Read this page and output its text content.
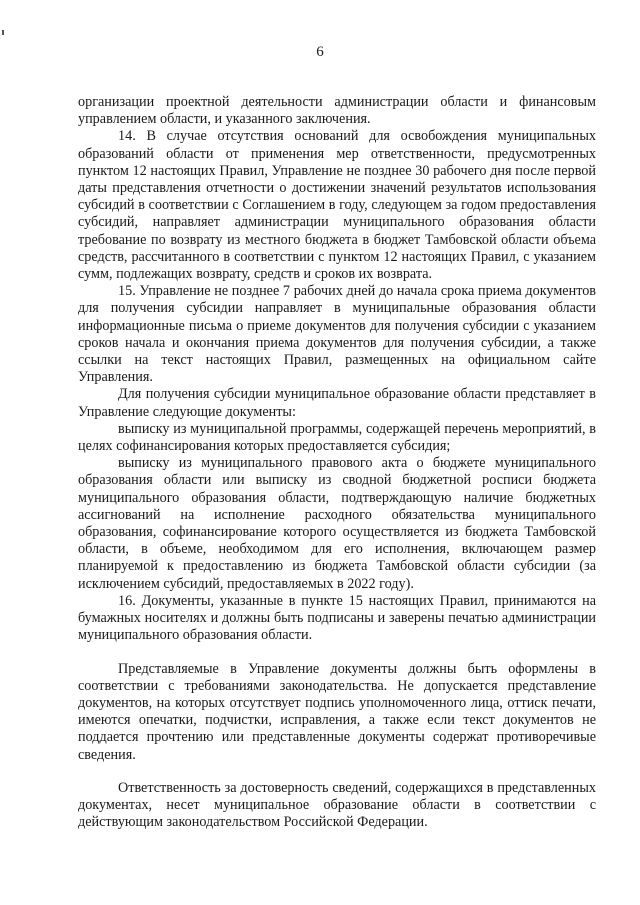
6

организации проектной деятельности администрации области и финансовым управлением области, и указанного заключения.

14. В случае отсутствия оснований для освобождения муниципальных образований области от применения мер ответственности, предусмотренных пунктом 12 настоящих Правил, Управление не позднее 30 рабочего дня после первой даты представления отчетности о достижении значений результатов использования субсидий в соответствии с Соглашением в году, следующем за годом предоставления субсидий, направляет администрации муниципального образования области требование по возврату из местного бюджета в бюджет Тамбовской области объема средств, рассчитанного в соответствии с пунктом 12 настоящих Правил, с указанием сумм, подлежащих возврату, средств и сроков их возврата.

15. Управление не позднее 7 рабочих дней до начала срока приема документов для получения субсидии направляет в муниципальные образования области информационные письма о приеме документов для получения субсидии с указанием сроков начала и окончания приема документов для получения субсидии, а также ссылки на текст настоящих Правил, размещенных на официальном сайте Управления.

Для получения субсидии муниципальное образование области представляет в Управление следующие документы:

выписку из муниципальной программы, содержащей перечень мероприятий, в целях софинансирования которых предоставляется субсидия;

выписку из муниципального правового акта о бюджете муниципального образования области или выписку из сводной бюджетной росписи бюджета муниципального образования области, подтверждающую наличие бюджетных ассигнований на исполнение расходного обязательства муниципального образования, софинансирование которого осуществляется из бюджета Тамбовской области, в объеме, необходимом для его исполнения, включающем размер планируемой к предоставлению из бюджета Тамбовской области субсидии (за исключением субсидий, предоставляемых в 2022 году).

16. Документы, указанные в пункте 15 настоящих Правил, принимаются на бумажных носителях и должны быть подписаны и заверены печатью администрации муниципального образования области.

Представляемые в Управление документы должны быть оформлены в соответствии с требованиями законодательства. Не допускается представление документов, на которых отсутствует подпись уполномоченного лица, оттиск печати, имеются опечатки, подчистки, исправления, а также если текст документов не поддается прочтению или представленные документы содержат противоречивые сведения.

Ответственность за достоверность сведений, содержащихся в представленных документах, несет муниципальное образование области в соответствии с действующим законодательством Российской Федерации.
